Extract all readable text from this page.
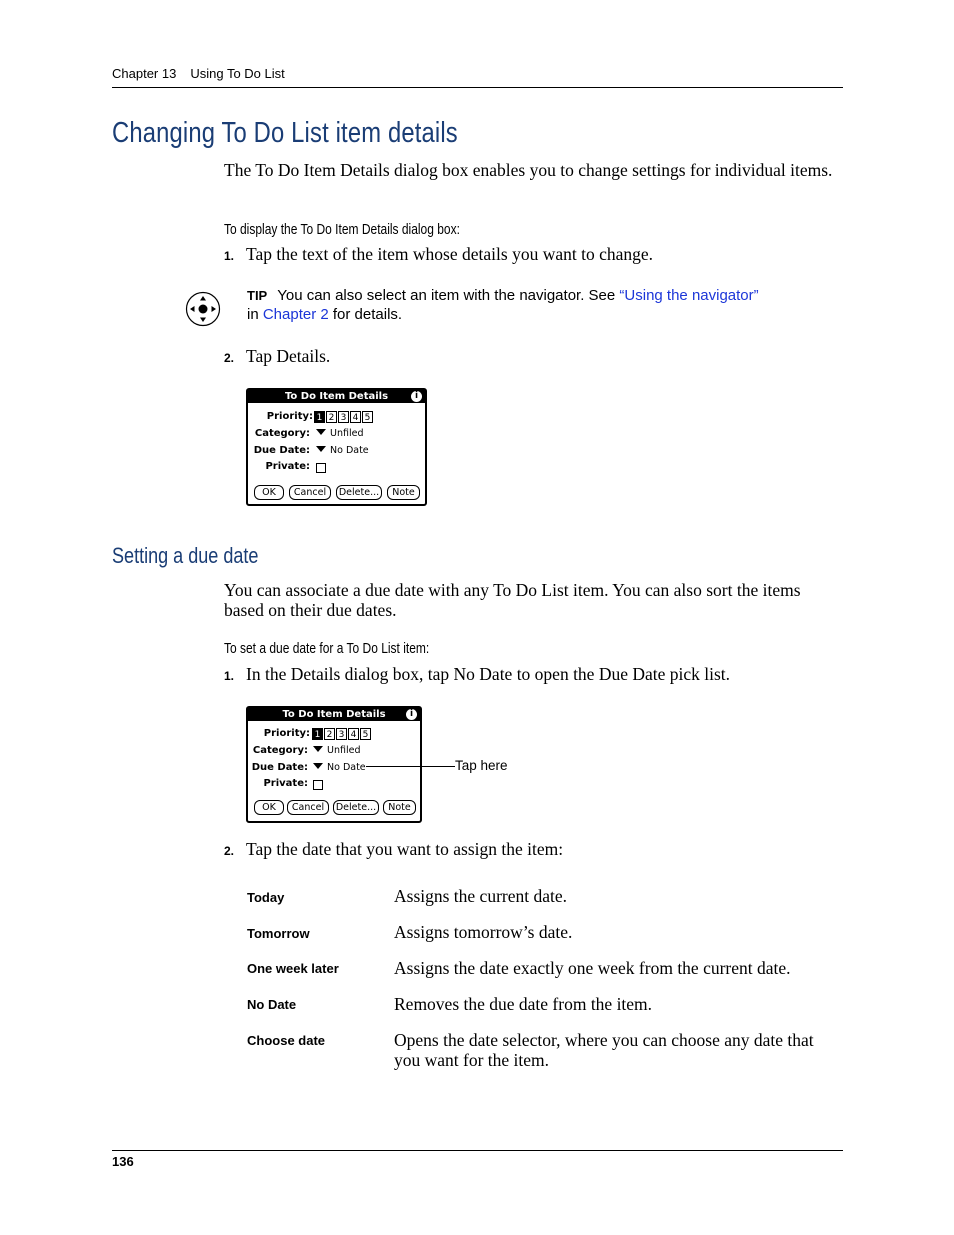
Chapter 13 Using To Do List
Changing To Do List item details
The To Do Item Details dialog box enables you to change settings for individual items.
To display the To Do Item Details dialog box:
1. Tap the text of the item whose details you want to change.
TIP You can also select an item with the navigator. See “Using the navigator”
in Chapter 2 for details.
2. Tap Details.
To Do Item Details	i
Priority: 1 2 3 4 5
Category:	Unfiled
Due Date:	No Date
Private:
OK	Cancel	Delete...	Note
Setting a due date
You can associate a due date with any To Do List item. You can also sort the items based on their due dates.
To set a due date for a To Do List item:
1. In the Details dialog box, tap No Date to open the Due Date pick list.
To Do Item Details	i
Priority: 1 2 3 4 5
Category:	Unfiled
Due Date:	No Date
Private:
OK	Cancel	Delete...	Note
Tap here
2. Tap the date that you want to assign the item:
Today	Assigns the current date.
Tomorrow	Assigns tomorrow’s date.
One week later	Assigns the date exactly one week from the current date.
No Date	Removes the due date from the item.
Choose date	Opens the date selector, where you can choose any date that you want for the item.
136
